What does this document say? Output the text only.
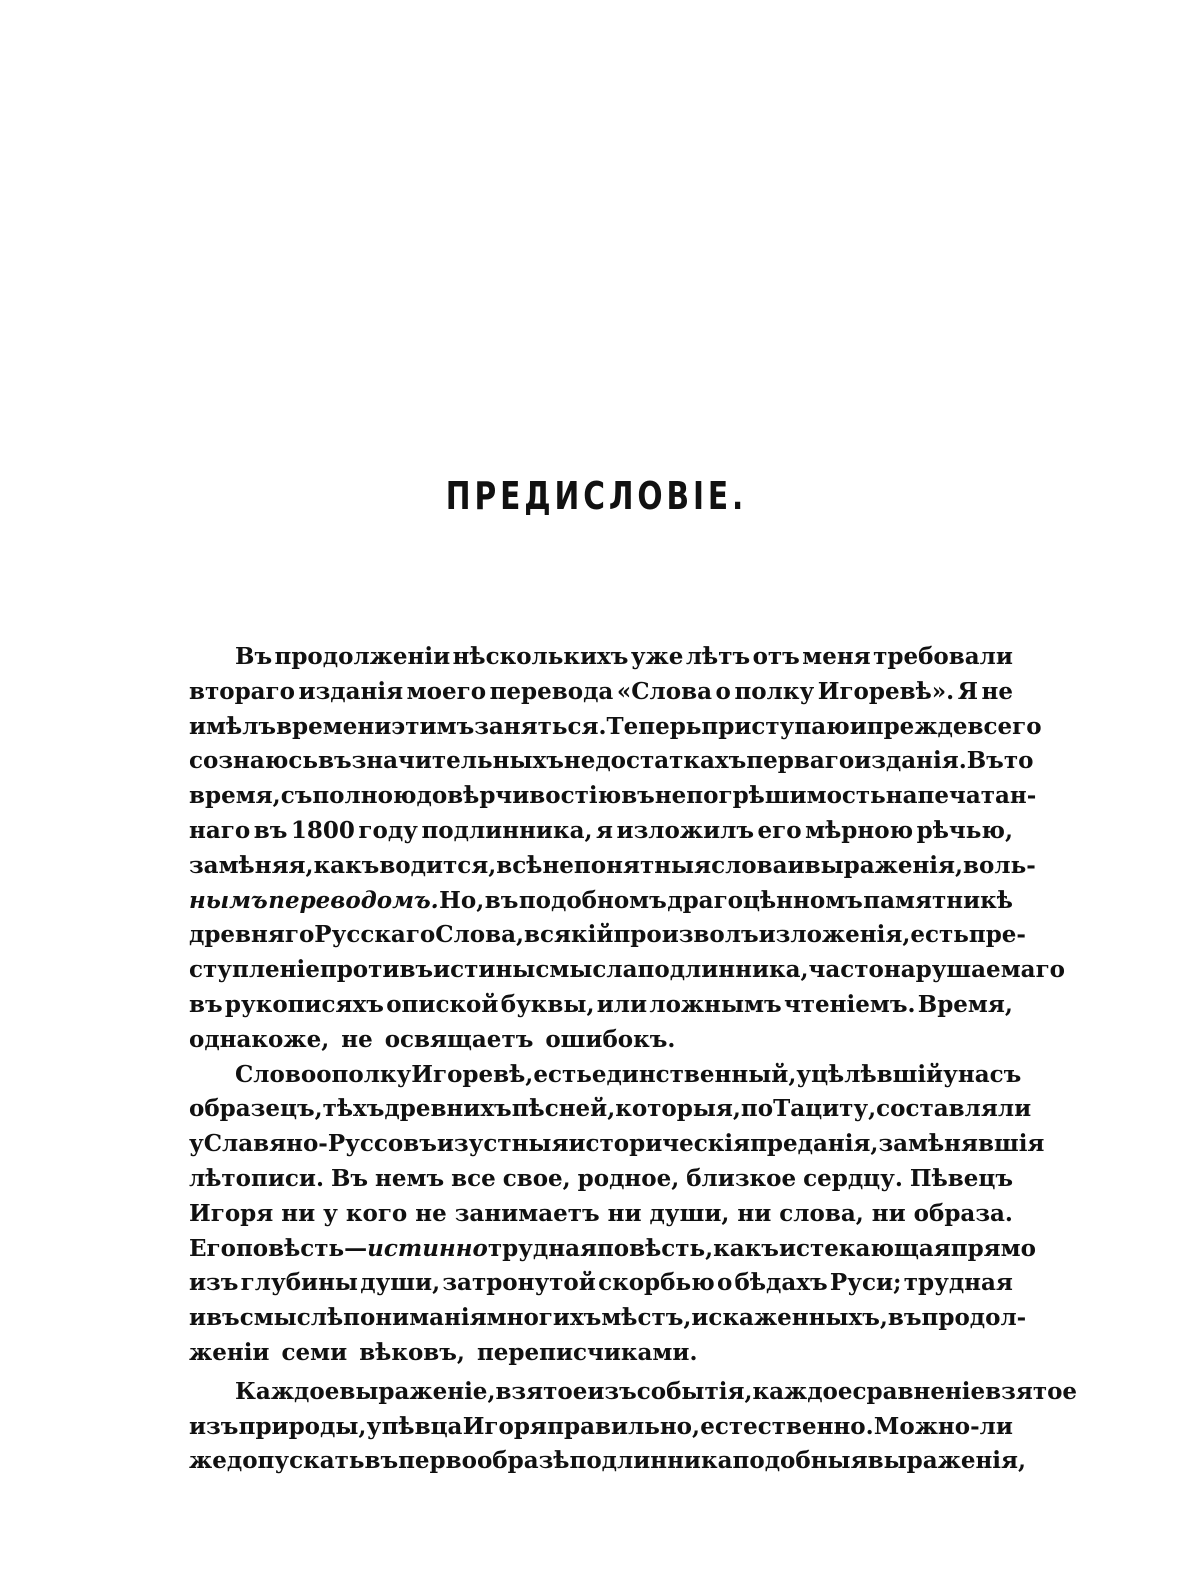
ПРЕДИСЛОВІЕ.
Въ продолженіи нѣсколькихъ уже лѣтъ отъ меня требовали
втораго изданія моего перевода «Слова о полку Игоревѣ». Я не
имѣлъ времени этимъ заняться. Теперь приступаю и прежде всего
сознаюсь въ значительныхъ недостаткахъ перваго изданія. Въ то
время, съ полною довѣрчивостію въ непогрѣшимость напечатан-
наго въ 1800 году подлинника, я изложилъ его мѣрною рѣчью,
замѣняя, какъ водится, всѣ непонятныя слова и выраженія, воль-
нымъ переводомъ. Но, въ подобномъ драгоцѣнномъ памятникѣ
древняго Русскаго Слова, всякій произволъ изложенія, есть пре-
ступленіе противъ истины смысла подлинника, часто нарушаемаго
въ рукописяхъ опиской буквы, или ложнымъ чтеніемъ. Время,
однакоже, не освящаетъ ошибокъ.
Слово о полку Игоревѣ, есть единственный, уцѣлѣвшій у насъ
образецъ, тѣхъ древнихъ пѣсней, которыя, по Тациту, составляли
у Славяно-Руссовъ изустныя историческія преданія, замѣнявшія
лѣтописи. Въ немъ все свое, родное, близкое сердцу. Пѣвецъ
Игоря ни у кого не занимаетъ ни души, ни слова, ни образа.
Его повѣсть — истинно трудная повѣсть, какъ истекающая прямо
изъ глубины души, затронутой скорбью о бѣдахъ Руси; трудная
и въ смыслѣ пониманія многихъ мѣстъ, искаженныхъ, въ продол-
женіи семи вѣковъ, переписчиками.
Каждое выраженіе, взятое изъ событія, каждое сравненіе взятое
изъ природы, у пѣвца Игоря правильно, естественно. Можно-ли
же допускать въ первообразѣ подлинника подобныя выраженія,
